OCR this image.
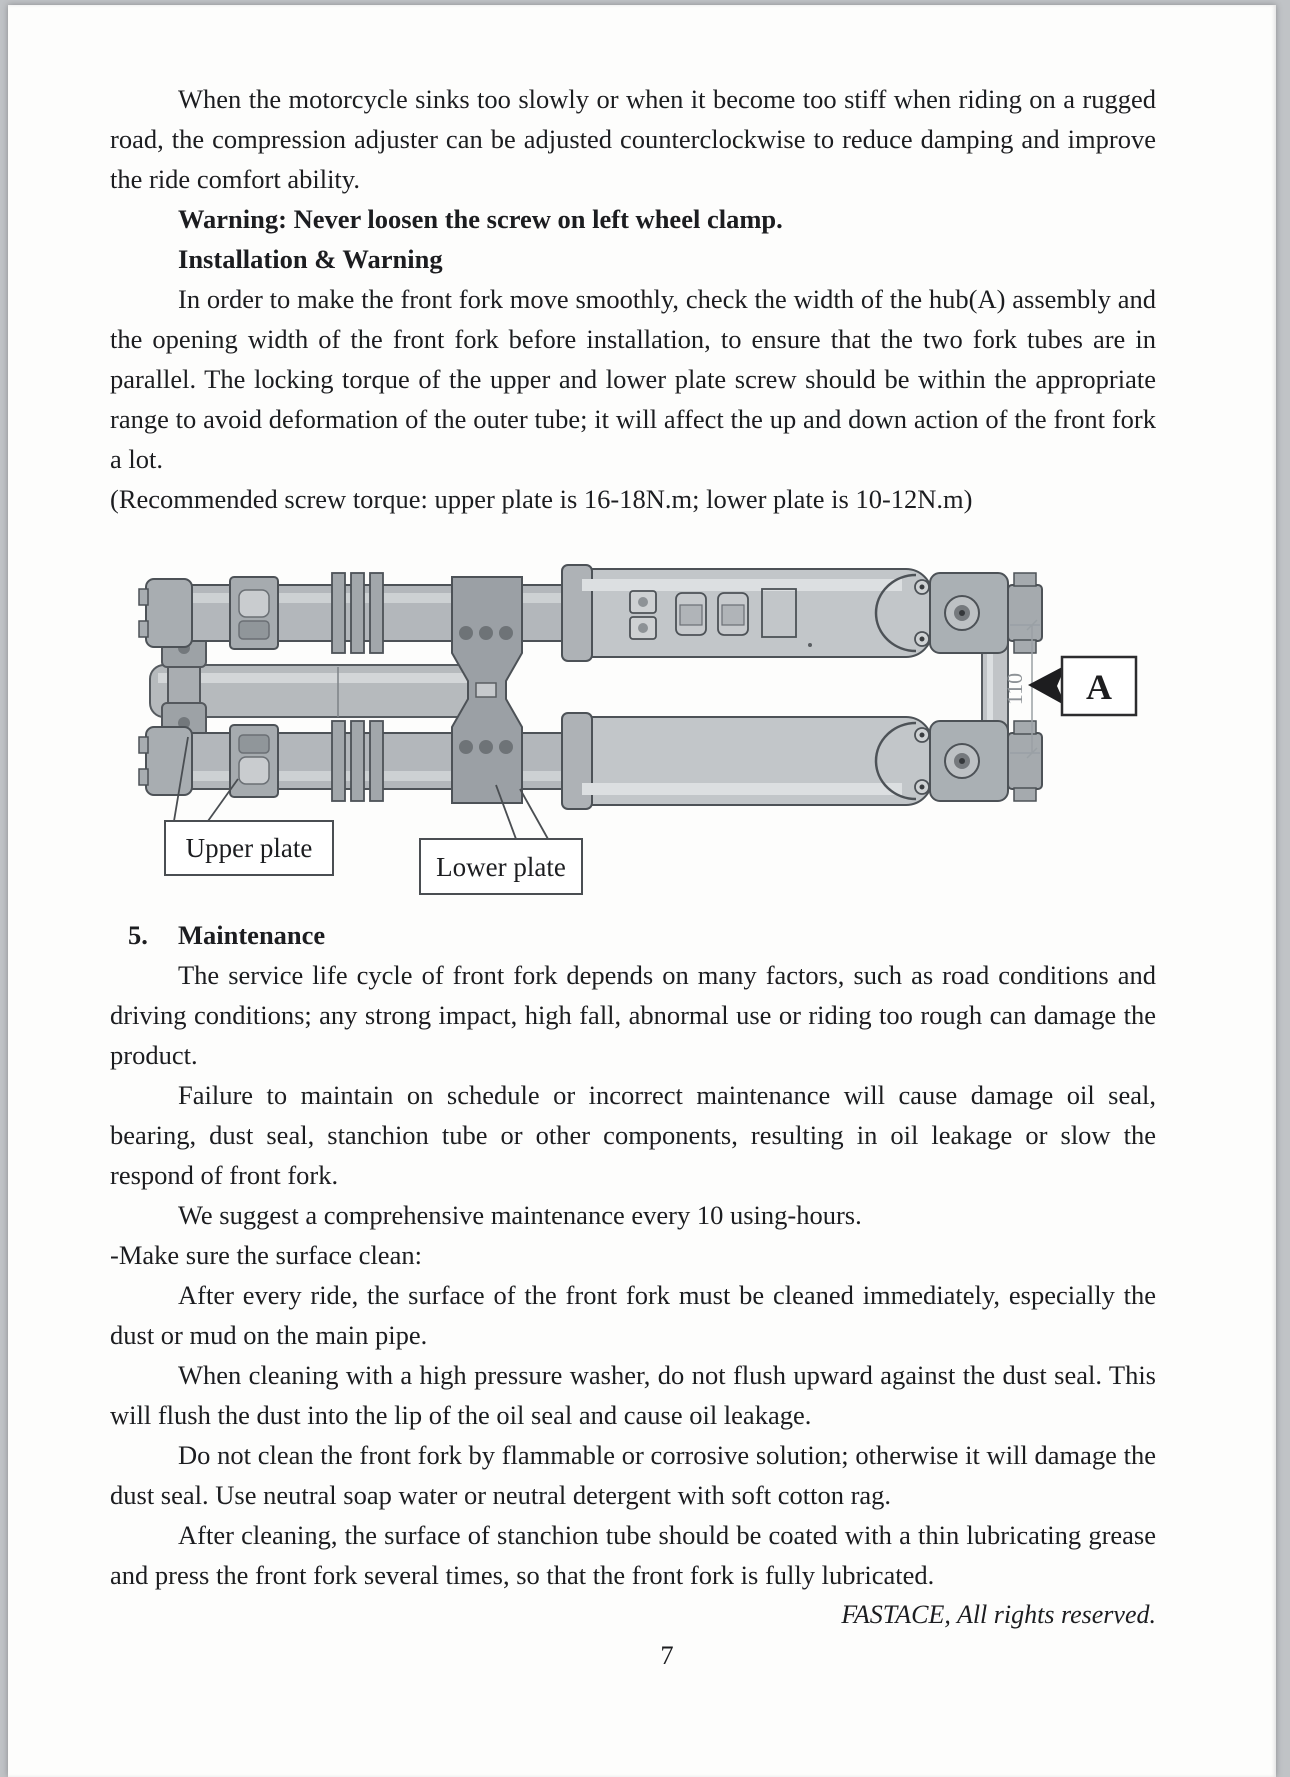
When the motorcycle sinks too slowly or when it become too stiff when riding on a rugged road, the compression adjuster can be adjusted counterclockwise to reduce damping and improve the ride comfort ability.

Warning: Never loosen the screw on left wheel clamp.

Installation & Warning

In order to make the front fork move smoothly, check the width of the hub(A) assembly and the opening width of the front fork before installation, to ensure that the two fork tubes are in parallel. The locking torque of the upper and lower plate screw should be within the appropriate range to avoid deformation of the outer tube; it will affect the up and down action of the front fork a lot.

(Recommended screw torque: upper plate is 16-18N.m; lower plate is 10-12N.m)

110 A
Upper plate
Lower plate
5.	Maintenance

The service life cycle of front fork depends on many factors, such as road conditions and driving conditions; any strong impact, high fall, abnormal use or riding too rough can damage the product.

Failure to maintain on schedule or incorrect maintenance will cause damage oil seal, bearing, dust seal, stanchion tube or other components, resulting in oil leakage or slow the respond of front fork.

We suggest a comprehensive maintenance every 10 using-hours.

-Make sure the surface clean:

After every ride, the surface of the front fork must be cleaned immediately, especially the dust or mud on the main pipe.

When cleaning with a high pressure washer, do not flush upward against the dust seal. This will flush the dust into the lip of the oil seal and cause oil leakage.

Do not clean the front fork by flammable or corrosive solution; otherwise it will damage the dust seal. Use neutral soap water or neutral detergent with soft cotton rag.

After cleaning, the surface of stanchion tube should be coated with a thin lubricating grease and press the front fork several times, so that the front fork is fully lubricated.

FASTACE, All rights reserved.

7
